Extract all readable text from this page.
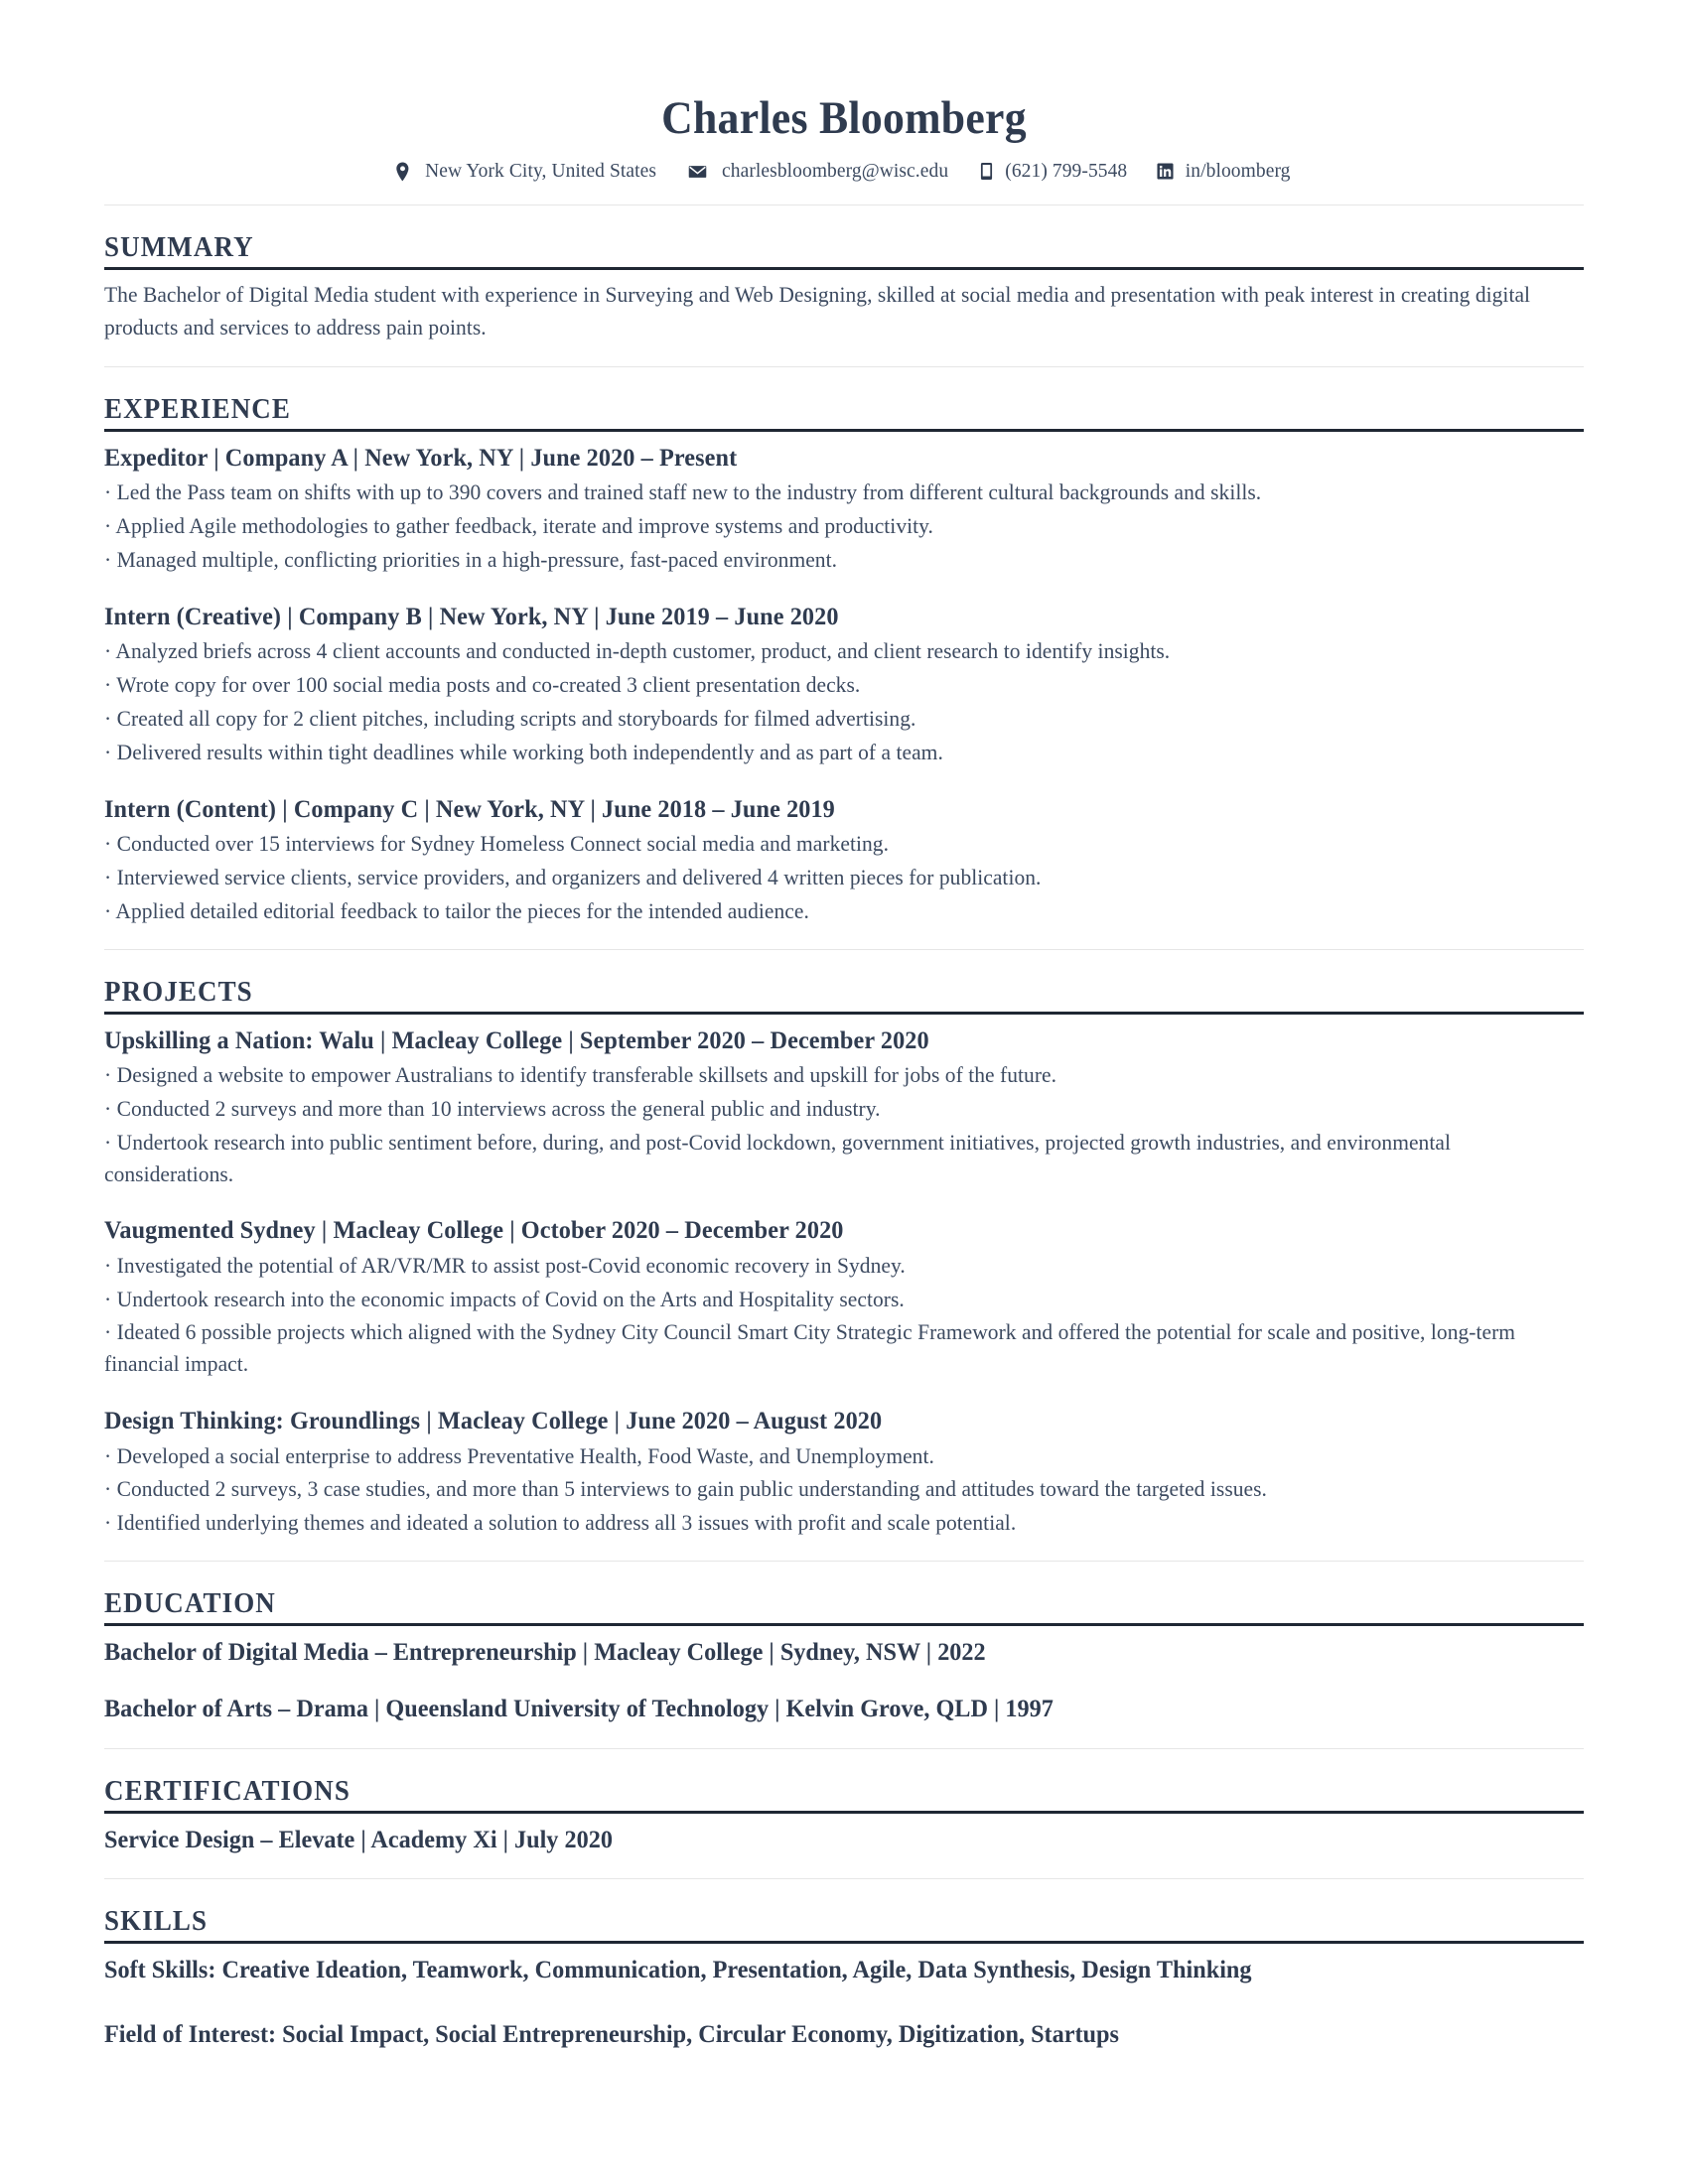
Charles Bloomberg
New York City, United States	charlesbloomberg@wisc.edu	(621) 799-5548	in/bloomberg
SUMMARY
The Bachelor of Digital Media student with experience in Surveying and Web Designing, skilled at social media and presentation with peak interest in creating digital products and services to address pain points.
EXPERIENCE
Expeditor | Company A | New York, NY | June 2020 – Present
· Led the Pass team on shifts with up to 390 covers and trained staff new to the industry from different cultural backgrounds and skills.
· Applied Agile methodologies to gather feedback, iterate and improve systems and productivity.
· Managed multiple, conflicting priorities in a high-pressure, fast-paced environment.
Intern (Creative) | Company B | New York, NY | June 2019 – June 2020
· Analyzed briefs across 4 client accounts and conducted in-depth customer, product, and client research to identify insights.
· Wrote copy for over 100 social media posts and co-created 3 client presentation decks.
· Created all copy for 2 client pitches, including scripts and storyboards for filmed advertising.
· Delivered results within tight deadlines while working both independently and as part of a team.
Intern (Content) | Company C | New York, NY | June 2018 – June 2019
· Conducted over 15 interviews for Sydney Homeless Connect social media and marketing.
· Interviewed service clients, service providers, and organizers and delivered 4 written pieces for publication.
· Applied detailed editorial feedback to tailor the pieces for the intended audience.
PROJECTS
Upskilling a Nation: Walu | Macleay College | September 2020 – December 2020
· Designed a website to empower Australians to identify transferable skillsets and upskill for jobs of the future.
· Conducted 2 surveys and more than 10 interviews across the general public and industry.
· Undertook research into public sentiment before, during, and post-Covid lockdown, government initiatives, projected growth industries, and environmental considerations.
Vaugmented Sydney | Macleay College | October 2020 – December 2020
· Investigated the potential of AR/VR/MR to assist post-Covid economic recovery in Sydney.
· Undertook research into the economic impacts of Covid on the Arts and Hospitality sectors.
· Ideated 6 possible projects which aligned with the Sydney City Council Smart City Strategic Framework and offered the potential for scale and positive, long-term financial impact.
Design Thinking: Groundlings | Macleay College | June 2020 – August 2020
· Developed a social enterprise to address Preventative Health, Food Waste, and Unemployment.
· Conducted 2 surveys, 3 case studies, and more than 5 interviews to gain public understanding and attitudes toward the targeted issues.
· Identified underlying themes and ideated a solution to address all 3 issues with profit and scale potential.
EDUCATION
Bachelor of Digital Media – Entrepreneurship | Macleay College | Sydney, NSW | 2022
Bachelor of Arts – Drama | Queensland University of Technology | Kelvin Grove, QLD | 1997
CERTIFICATIONS
Service Design – Elevate | Academy Xi | July 2020
SKILLS
Soft Skills: Creative Ideation, Teamwork, Communication, Presentation, Agile, Data Synthesis, Design Thinking
Field of Interest: Social Impact, Social Entrepreneurship, Circular Economy, Digitization, Startups
